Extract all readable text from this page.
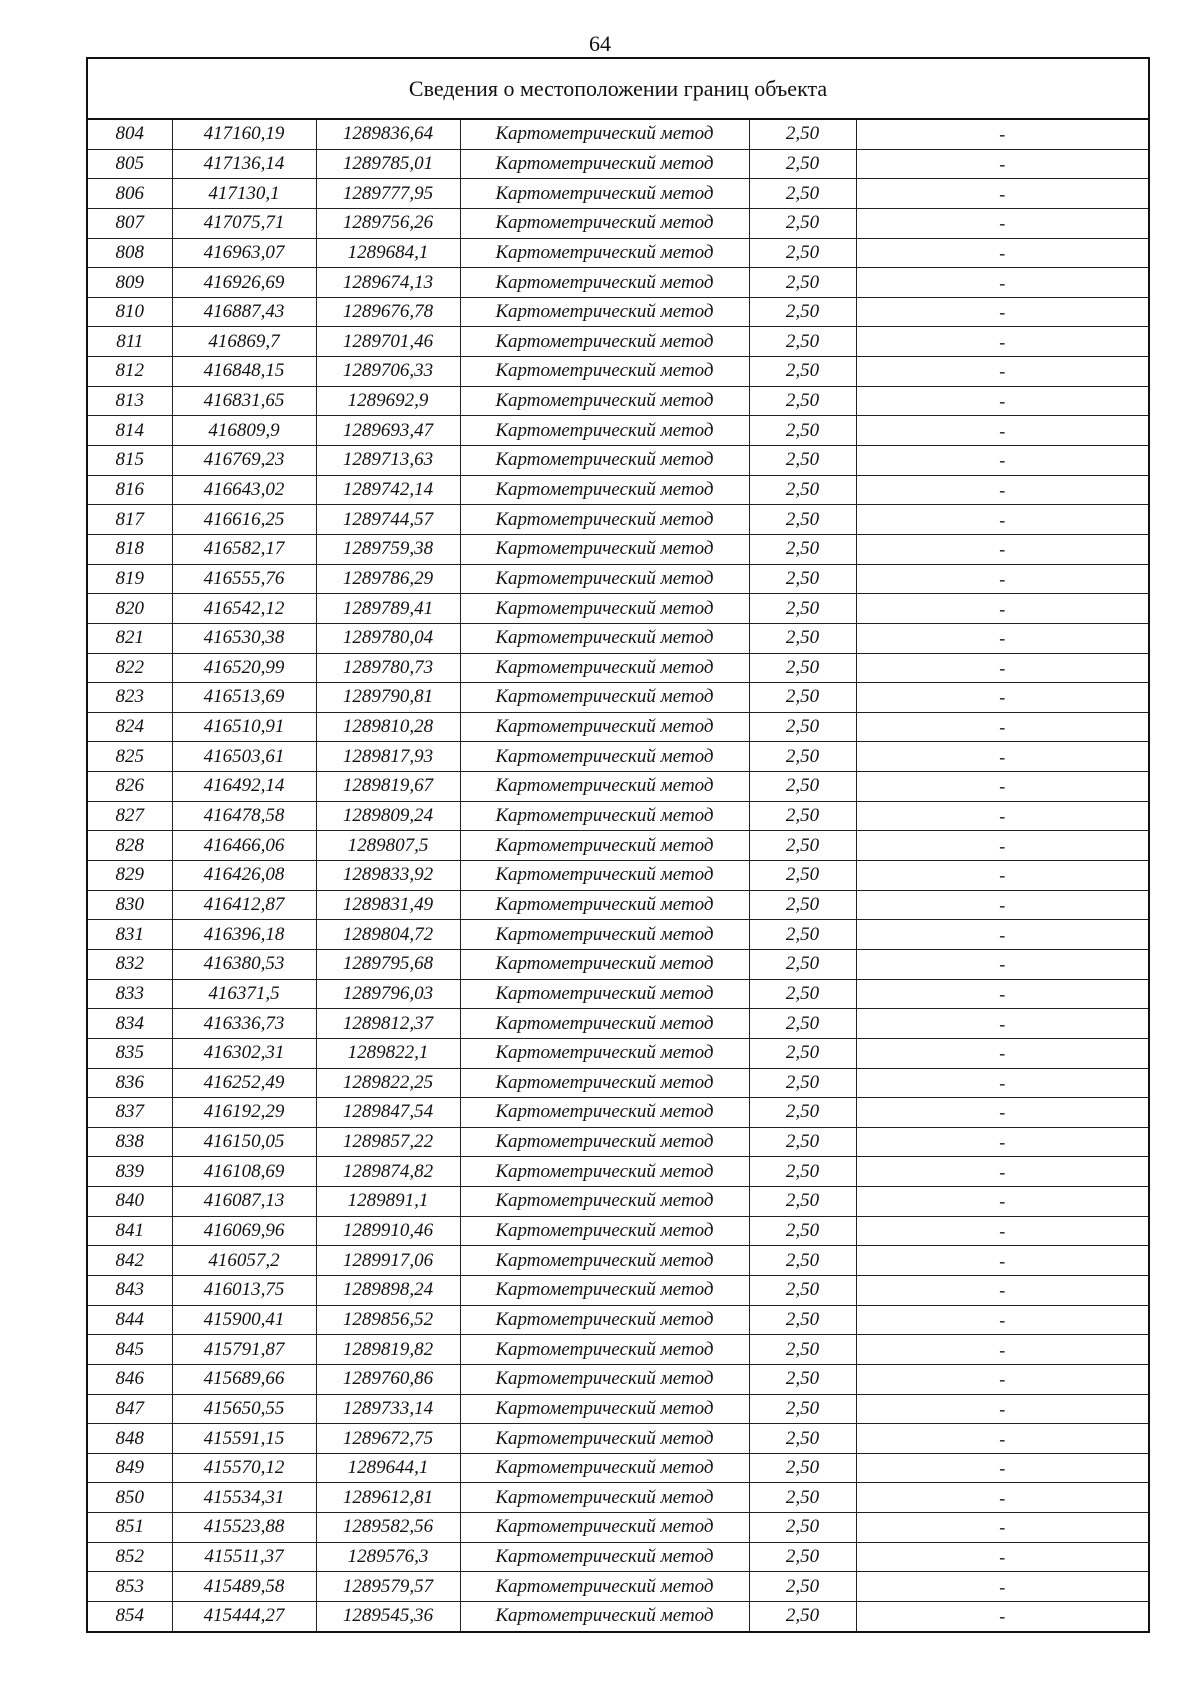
64
Сведения о местоположении границ объекта					
804	417160,19	1289836,64	Картометрический метод	2,50	-
805	417136,14	1289785,01	Картометрический метод	2,50	-
806	417130,1	1289777,95	Картометрический метод	2,50	-
807	417075,71	1289756,26	Картометрический метод	2,50	-
808	416963,07	1289684,1	Картометрический метод	2,50	-
809	416926,69	1289674,13	Картометрический метод	2,50	-
810	416887,43	1289676,78	Картометрический метод	2,50	-
811	416869,7	1289701,46	Картометрический метод	2,50	-
812	416848,15	1289706,33	Картометрический метод	2,50	-
813	416831,65	1289692,9	Картометрический метод	2,50	-
814	416809,9	1289693,47	Картометрический метод	2,50	-
815	416769,23	1289713,63	Картометрический метод	2,50	-
816	416643,02	1289742,14	Картометрический метод	2,50	-
817	416616,25	1289744,57	Картометрический метод	2,50	-
818	416582,17	1289759,38	Картометрический метод	2,50	-
819	416555,76	1289786,29	Картометрический метод	2,50	-
820	416542,12	1289789,41	Картометрический метод	2,50	-
821	416530,38	1289780,04	Картометрический метод	2,50	-
822	416520,99	1289780,73	Картометрический метод	2,50	-
823	416513,69	1289790,81	Картометрический метод	2,50	-
824	416510,91	1289810,28	Картометрический метод	2,50	-
825	416503,61	1289817,93	Картометрический метод	2,50	-
826	416492,14	1289819,67	Картометрический метод	2,50	-
827	416478,58	1289809,24	Картометрический метод	2,50	-
828	416466,06	1289807,5	Картометрический метод	2,50	-
829	416426,08	1289833,92	Картометрический метод	2,50	-
830	416412,87	1289831,49	Картометрический метод	2,50	-
831	416396,18	1289804,72	Картометрический метод	2,50	-
832	416380,53	1289795,68	Картометрический метод	2,50	-
833	416371,5	1289796,03	Картометрический метод	2,50	-
834	416336,73	1289812,37	Картометрический метод	2,50	-
835	416302,31	1289822,1	Картометрический метод	2,50	-
836	416252,49	1289822,25	Картометрический метод	2,50	-
837	416192,29	1289847,54	Картометрический метод	2,50	-
838	416150,05	1289857,22	Картометрический метод	2,50	-
839	416108,69	1289874,82	Картометрический метод	2,50	-
840	416087,13	1289891,1	Картометрический метод	2,50	-
841	416069,96	1289910,46	Картометрический метод	2,50	-
842	416057,2	1289917,06	Картометрический метод	2,50	-
843	416013,75	1289898,24	Картометрический метод	2,50	-
844	415900,41	1289856,52	Картометрический метод	2,50	-
845	415791,87	1289819,82	Картометрический метод	2,50	-
846	415689,66	1289760,86	Картометрический метод	2,50	-
847	415650,55	1289733,14	Картометрический метод	2,50	-
848	415591,15	1289672,75	Картометрический метод	2,50	-
849	415570,12	1289644,1	Картометрический метод	2,50	-
850	415534,31	1289612,81	Картометрический метод	2,50	-
851	415523,88	1289582,56	Картометрический метод	2,50	-
852	415511,37	1289576,3	Картометрический метод	2,50	-
853	415489,58	1289579,57	Картометрический метод	2,50	-
854	415444,27	1289545,36	Картометрический метод	2,50	-
